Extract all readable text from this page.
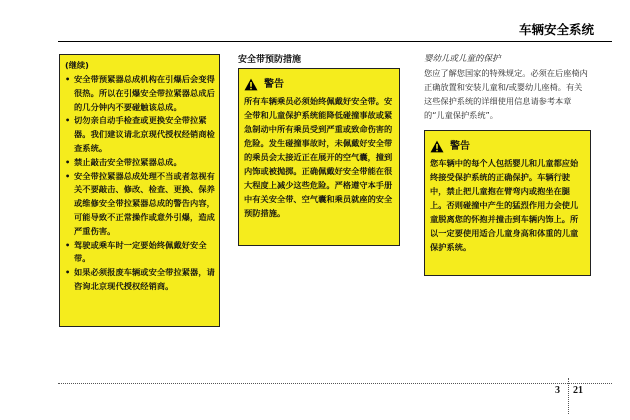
车辆安全系统
(继续)
• 安全带预紧器总成机构在引爆后会变得很热。所以在引爆安全带拉紧器总成后的几分钟内不要碰触该总成。
• 切勿亲自动手检查或更换安全带拉紧器。我们建议请北京现代授权经销商检查系统。
• 禁止敲击安全带拉紧器总成。
• 安全带拉紧器总成处理不当或者忽视有关不要敲击、修改、检查、更换、保养或维修安全带拉紧器总成的警告内容，可能导致不正常操作或意外引爆，造成严重伤害。
• 驾驶或乘车时一定要始终佩戴好安全带。
• 如果必须报废车辆或安全带拉紧器，请咨询北京现代授权经销商。
安全带预防措施
警告
所有车辆乘员必须始终佩戴好安全带。安全带和儿童保护系统能降低碰撞事故或紧急制动中所有乘员受到严重或致命伤害的危险。发生碰撞事故时，未佩戴好安全带的乘员会太接近正在展开的空气囊，撞到内饰或被抛掷。正确佩戴好安全带能在很大程度上减少这些危险。严格遵守本手册中有关安全带、空气囊和乘员就座的安全预防措施。
婴幼儿或儿童的保护
您应了解您国家的特殊规定。必须在后座椅内正确放置和安装儿童和/或婴幼儿座椅。有关这些保护系统的详细使用信息请参考本章的“儿童保护系统”。
警告
您车辆中的每个人包括婴儿和儿童都应始终接受保护系统的正确保护。车辆行驶中，禁止把儿童抱在臂弯内或抱坐在腿上。否则碰撞中产生的猛烈作用力会使儿童脱离您的怀抱并撞击到车辆内饰上。所以一定要使用适合儿童身高和体重的儿童保护系统。
3 21
